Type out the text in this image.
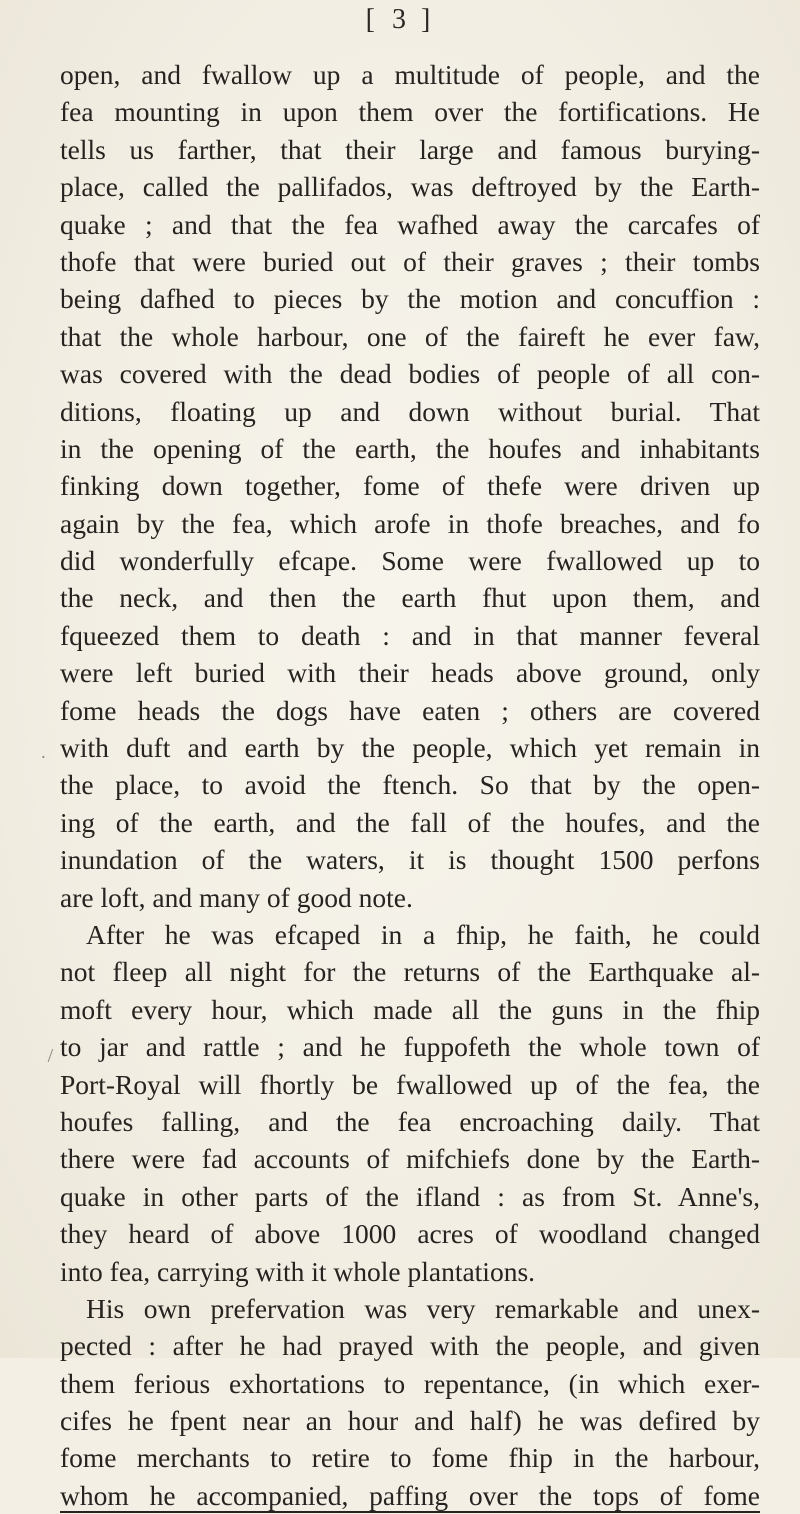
[ 3 ]
˙
 /
open, and fwallow up a multitude of people, and the
fea mounting in upon them over the fortifications. He
tells us farther, that their large and famous burying-
place, called the pallifados, was deftroyed by the Earth-
quake ; and that the fea wafhed away the carcafes of
thofe that were buried out of their graves ; their tombs
being dafhed to pieces by the motion and concuffion :
that the whole harbour, one of the faireft he ever faw,
was covered with the dead bodies of people of all con-
ditions, floating up and down without burial. That
in the opening of the earth, the houfes and inhabitants
finking down together, fome of thefe were driven up
again by the fea, which arofe in thofe breaches, and fo
did wonderfully efcape. Some were fwallowed up to
the neck, and then the earth fhut upon them, and
fqueezed them to death : and in that manner feveral
were left buried with their heads above ground, only
fome heads the dogs have eaten ; others are covered
with duft and earth by the people, which yet remain in
the place, to avoid the ftench. So that by the open-
ing of the earth, and the fall of the houfes, and the
inundation of the waters, it is thought 1500 perfons
are loft, and many of good note.
After he was efcaped in a fhip, he faith, he could
not fleep all night for the returns of the Earthquake al-
moft every hour, which made all the guns in the fhip
to jar and rattle ; and he fuppofeth the whole town of
Port-Royal will fhortly be fwallowed up of the fea, the
houfes falling, and the fea encroaching daily. That
there were fad accounts of mifchiefs done by the Earth-
quake in other parts of the ifland : as from St. Anne's,
they heard of above 1000 acres of woodland changed
into fea, carrying with it whole plantations.
His own prefervation was very remarkable and unex-
pected : after he had prayed with the people, and given
them ferious exhortations to repentance, (in which exer-
cifes he fpent near an hour and half) he was defired by
fome merchants to retire to fome fhip in the harbour,
whom he accompanied, paffing over the tops of fome
